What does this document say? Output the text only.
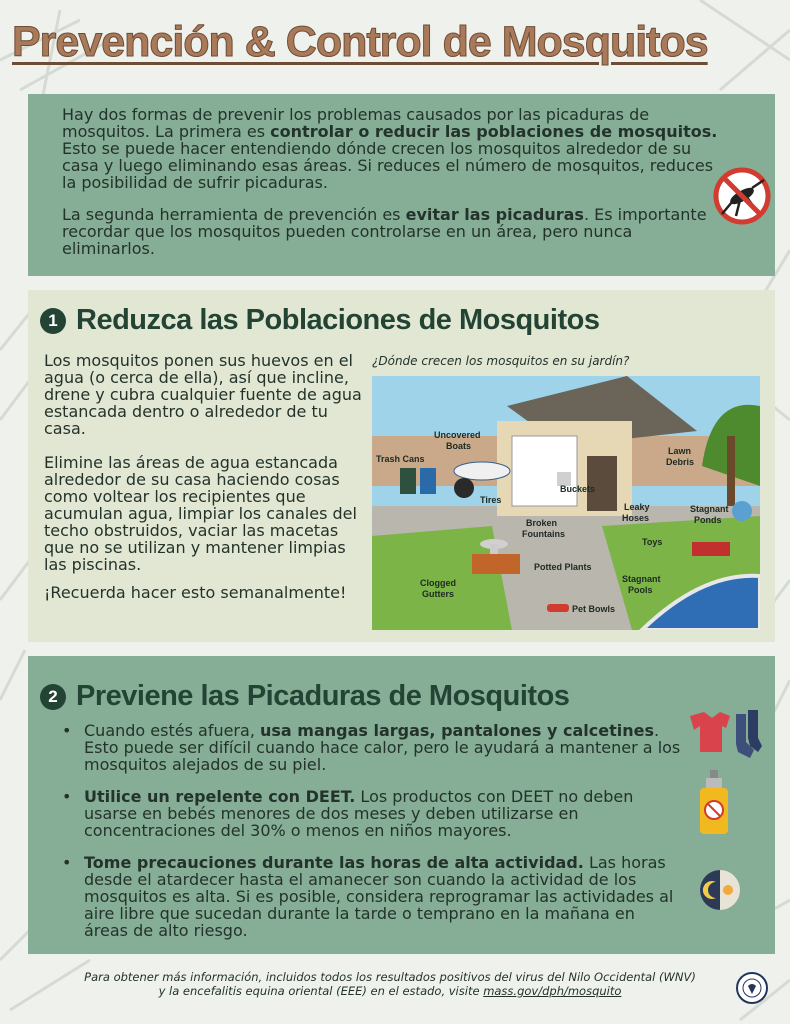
Prevención & Control de Mosquitos

Hay dos formas de prevenir los problemas causados por las picaduras de mosquitos. La primera es controlar o reducir las poblaciones de mosquitos. Esto se puede hacer entendiendo dónde crecen los mosquitos alrededor de su casa y luego eliminando esas áreas. Si reduces el número de mosquitos, reduces la posibilidad de sufrir picaduras.

La segunda herramienta de prevención es evitar las picaduras. Es importante recordar que los mosquitos pueden controlarse en un área, pero nunca eliminarlos.

1 Reduzca las Poblaciones de Mosquitos

Los mosquitos ponen sus huevos en el agua (o cerca de ella), así que incline, drene y cubra cualquier fuente de agua estancada dentro o alrededor de tu casa.

Elimine las áreas de agua estancada alrededor de su casa haciendo cosas como voltear los recipientes que acumulan agua, limpiar los canales del techo obstruidos, vaciar las macetas que no se utilizan y mantener limpias las piscinas.

¡Recuerda hacer esto semanalmente!

¿Dónde crecen los mosquitos en su jardín?
Uncovered
Boats
Trash Cans
Tires
Buckets
Lawn
Debris
Leaky
Hoses
Stagnant
Ponds
Broken
Fountains
Toys
Potted Plants
Stagnant
Pools
Clogged
Gutters
Pet Bowls
2 Previene las Picaduras de Mosquitos
• Cuando estés afuera, usa mangas largas, pantalones y calcetines. Esto puede ser difícil cuando hace calor, pero le ayudará a mantener a los mosquitos alejados de su piel.
• Utilice un repelente con DEET. Los productos con DEET no deben usarse en bebés menores de dos meses y deben utilizarse en concentraciones del 30% o menos en niños mayores.
• Tome precauciones durante las horas de alta actividad. Las horas desde el atardecer hasta el amanecer son cuando la actividad de los mosquitos es alta. Si es posible, considera reprogramar las actividades al aire libre que sucedan durante la tarde o temprano en la mañana en áreas de alto riesgo.
Para obtener más información, incluidos todos los resultados positivos del virus del Nilo Occidental (WNV)
y la encefalitis equina oriental (EEE) en el estado, visite mass.gov/dph/mosquito
